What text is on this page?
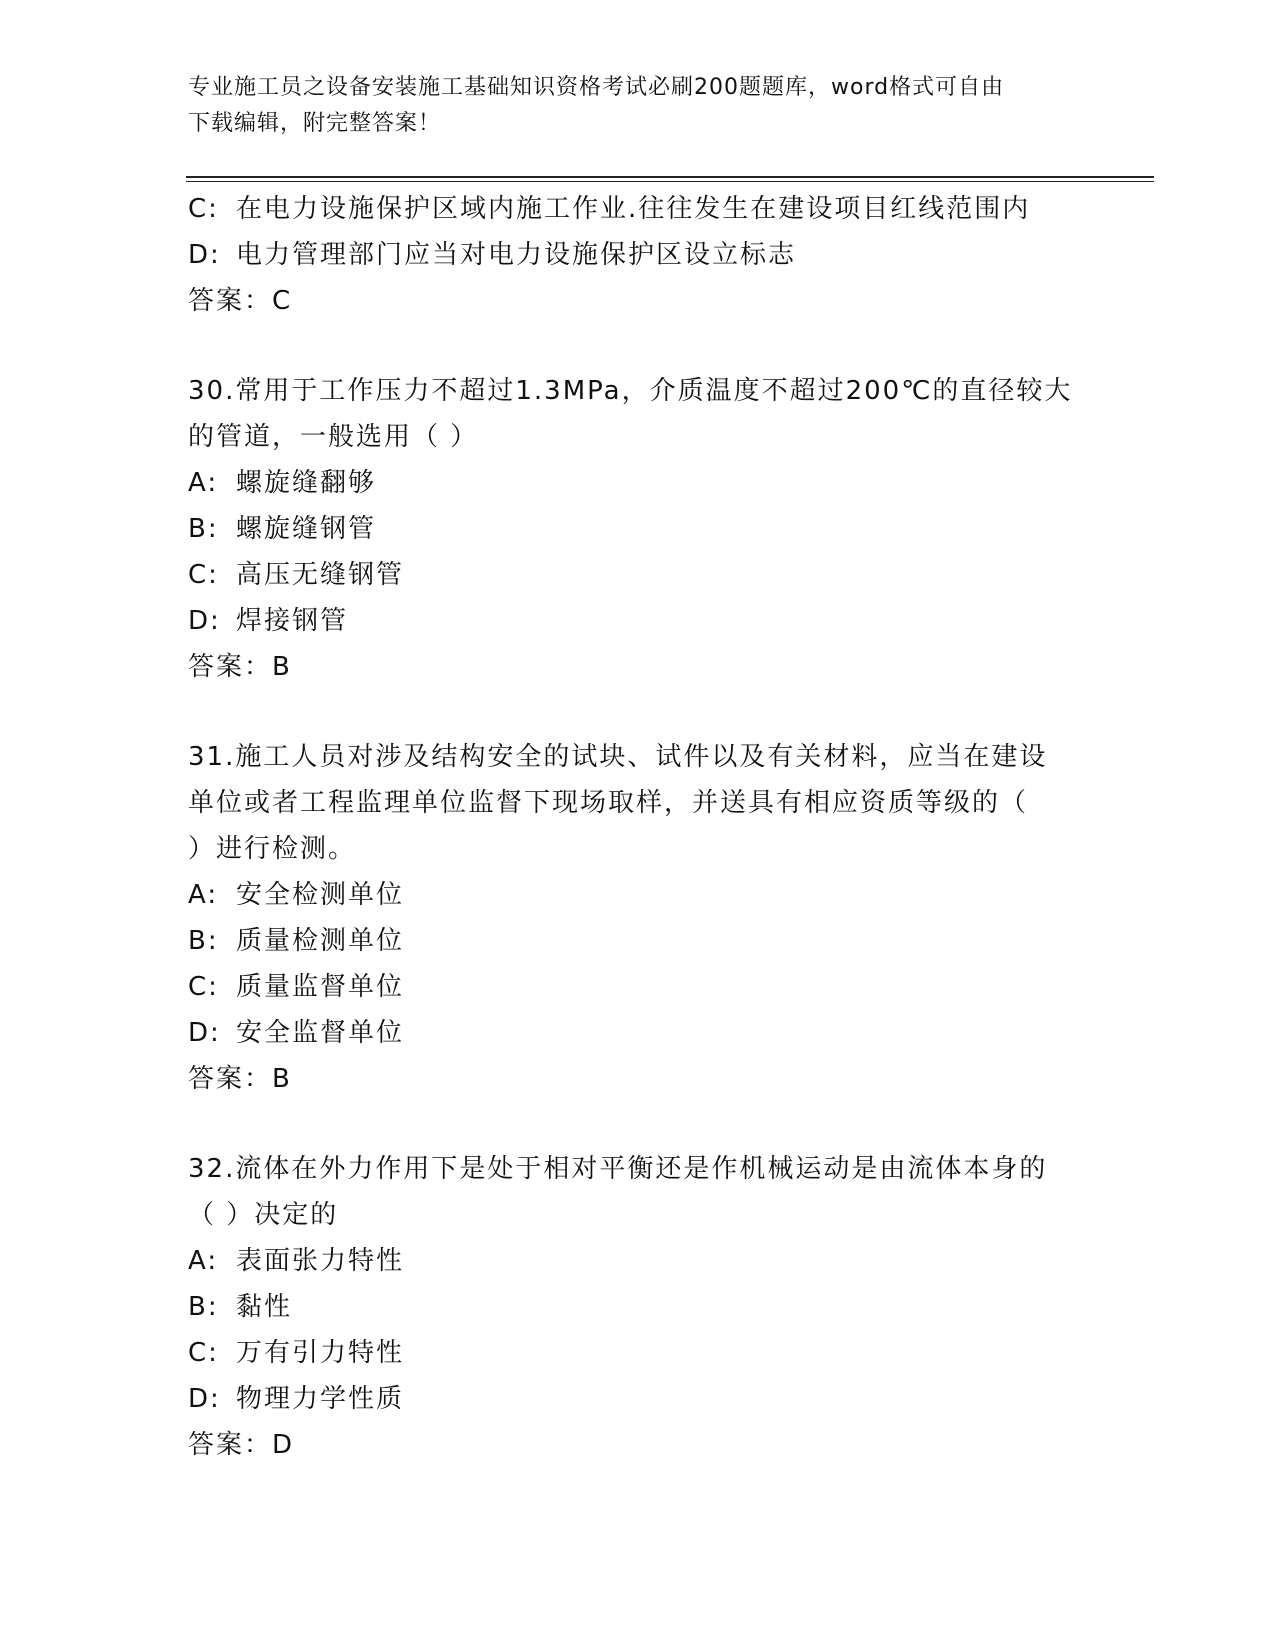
专业施工员之设备安装施工基础知识资格考试必刷200题题库，word格式可自由
下载编辑，附完整答案！
C: 在电力设施保护区域内施工作业.往往发生在建设项目红线范围内
D: 电力管理部门应当对电力设施保护区设立标志
答案：C
30.常用于工作压力不超过1.3MPa，介质温度不超过200℃的直径较大
的管道，一般选用（ ）
A: 螺旋缝翻够
B: 螺旋缝钢管
C: 高压无缝钢管
D: 焊接钢管
答案：B
31.施工人员对涉及结构安全的试块、试件以及有关材料，应当在建设
单位或者工程监理单位监督下现场取样，并送具有相应资质等级的（
）进行检测。
A: 安全检测单位
B: 质量检测单位
C: 质量监督单位
D: 安全监督单位
答案：B
32.流体在外力作用下是处于相对平衡还是作机械运动是由流体本身的
（ ）决定的
A: 表面张力特性
B: 黏性
C: 万有引力特性
D: 物理力学性质
答案：D
